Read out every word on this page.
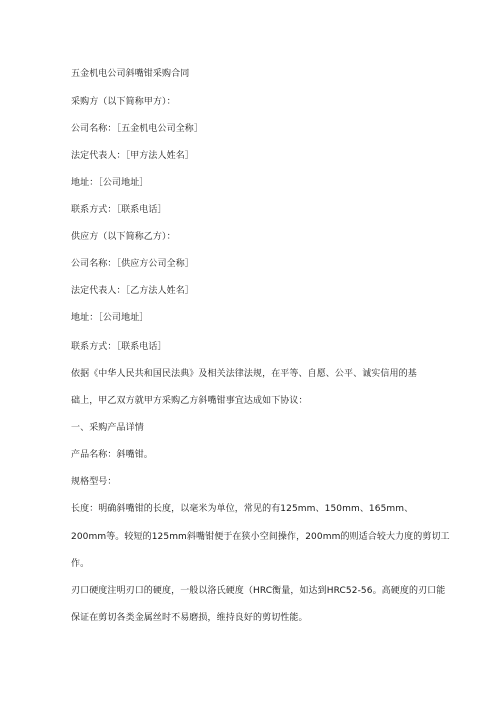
五金机电公司斜嘴钳采购合同
采购方（以下简称甲方）：
公司名称：［五金机电公司全称］
法定代表人：［甲方法人姓名］
地址：［公司地址］
联系方式：［联系电话］
供应方（以下简称乙方）：
公司名称：［供应方公司全称］
法定代表人：［乙方法人姓名］
地址：［公司地址］
联系方式：［联系电话］
依据《中华人民共和国民法典》及相关法律法规，在平等、自愿、公平、诚实信用的基
础上，甲乙双方就甲方采购乙方斜嘴钳事宜达成如下协议：
一、采购产品详情
产品名称：斜嘴钳。
规格型号：
长度：明确斜嘴钳的长度，以毫米为单位，常见的有125mm、150mm、165mm、
200mm等。较短的125mm斜嘴钳便于在狭小空间操作，200mm的则适合较大力度的剪切工
作。
刃口硬度注明刃口的硬度，一般以洛氏硬度（HRC衡量，如达到HRC52-56。高硬度的刃口能
保证在剪切各类金属丝时不易磨损，维持良好的剪切性能。
